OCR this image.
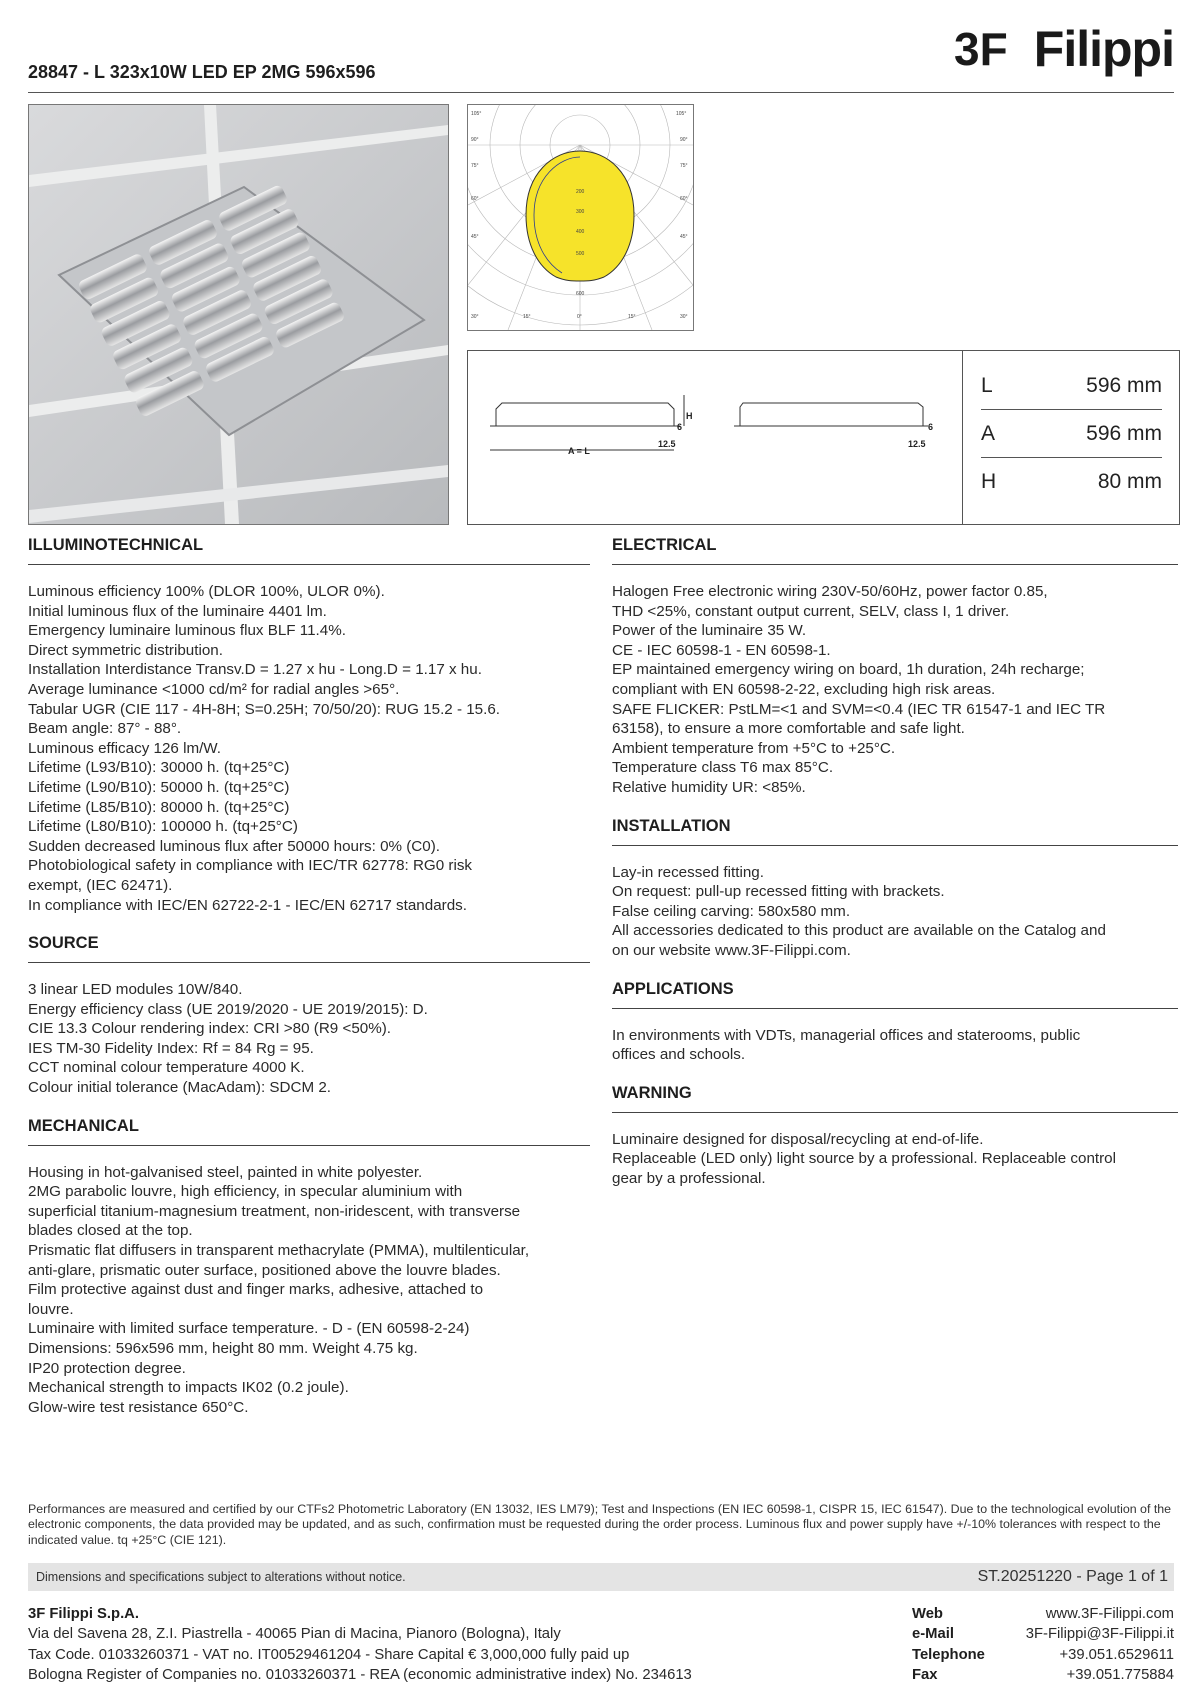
3F Filippi
28847 - L 323x10W LED EP 2MG 596x596
105°	105°
90°	90°
75°	75°
60°	60°
45°	45°
30°	30°
15°	15°
0°
200
300
400
500
600
H
6
12.5
A = L
6
12.5
L	596 mm
A	596 mm
H	80 mm
ILLUMINOTECHNICAL
Luminous efficiency 100% (DLOR 100%, ULOR 0%).
Initial luminous flux of the luminaire 4401 lm.
Emergency luminaire luminous flux BLF 11.4%.
Direct symmetric distribution.
Installation Interdistance Transv.D = 1.27 x hu - Long.D = 1.17 x hu.
Average luminance <1000 cd/m² for radial angles >65°.
Tabular UGR (CIE 117 - 4H-8H; S=0.25H; 70/50/20): RUG 15.2 - 15.6.
Beam angle: 87° - 88°.
Luminous efficacy 126 lm/W.
Lifetime (L93/B10): 30000 h. (tq+25°C)
Lifetime (L90/B10): 50000 h. (tq+25°C)
Lifetime (L85/B10): 80000 h. (tq+25°C)
Lifetime (L80/B10): 100000 h. (tq+25°C)
Sudden decreased luminous flux after 50000 hours: 0% (C0).
Photobiological safety in compliance with IEC/TR 62778: RG0 risk
exempt, (IEC 62471).
In compliance with IEC/EN 62722-2-1 - IEC/EN 62717 standards.
SOURCE
3 linear LED modules 10W/840.
Energy efficiency class (UE 2019/2020 - UE 2019/2015): D.
CIE 13.3 Colour rendering index: CRI >80 (R9 <50%).
IES TM-30 Fidelity Index: Rf = 84 Rg = 95.
CCT nominal colour temperature 4000 K.
Colour initial tolerance (MacAdam): SDCM 2.
MECHANICAL
Housing in hot-galvanised steel, painted in white polyester.
2MG parabolic louvre, high efficiency, in specular aluminium with
superficial titanium-magnesium treatment, non-iridescent, with transverse
blades closed at the top.
Prismatic flat diffusers in transparent methacrylate (PMMA), multilenticular,
anti-glare, prismatic outer surface, positioned above the louvre blades.
Film protective against dust and finger marks, adhesive, attached to
louvre.
Luminaire with limited surface temperature. - D - (EN 60598-2-24)
Dimensions: 596x596 mm, height 80 mm. Weight 4.75 kg.
IP20 protection degree.
Mechanical strength to impacts IK02 (0.2 joule).
Glow-wire test resistance 650°C.
ELECTRICAL
Halogen Free electronic wiring 230V-50/60Hz, power factor 0.85,
THD <25%, constant output current, SELV, class I, 1 driver.
Power of the luminaire 35 W.
CE - IEC 60598-1 - EN 60598-1.
EP maintained emergency wiring on board, 1h duration, 24h recharge;
compliant with EN 60598-2-22, excluding high risk areas.
SAFE FLICKER: PstLM=<1 and SVM=<0.4 (IEC TR 61547-1 and IEC TR
63158), to ensure a more comfortable and safe light.
Ambient temperature from +5°C to +25°C.
Temperature class T6 max 85°C.
Relative humidity UR: <85%.
INSTALLATION
Lay-in recessed fitting.
On request: pull-up recessed fitting with brackets.
False ceiling carving: 580x580 mm.
All accessories dedicated to this product are available on the Catalog and
on our website www.3F-Filippi.com.
APPLICATIONS
In environments with VDTs, managerial offices and staterooms, public
offices and schools.
WARNING
Luminaire designed for disposal/recycling at end-of-life.
Replaceable (LED only) light source by a professional. Replaceable control
gear by a professional.
Performances are measured and certified by our CTFs2 Photometric Laboratory (EN 13032, IES LM79); Test and Inspections (EN IEC 60598-1, CISPR 15, IEC 61547). Due to the technological evolution of the electronic components, the data provided may be updated, and as such, confirmation must be requested during the order process. Luminous flux and power supply have +/-10% tolerances with respect to the indicated value. tq +25°C (CIE 121).
Dimensions and specifications subject to alterations without notice.	ST.20251220 - Page 1 of 1
3F Filippi S.p.A.
Via del Savena 28, Z.I. Piastrella - 40065 Pian di Macina, Pianoro (Bologna), Italy
Tax Code. 01033260371 - VAT no. IT00529461204 - Share Capital € 3,000,000 fully paid up
Bologna Register of Companies no. 01033260371 - REA (economic administrative index) No. 234613
Web	www.3F-Filippi.com
e-Mail	3F-Filippi@3F-Filippi.it
Telephone	+39.051.6529611
Fax	+39.051.775884
